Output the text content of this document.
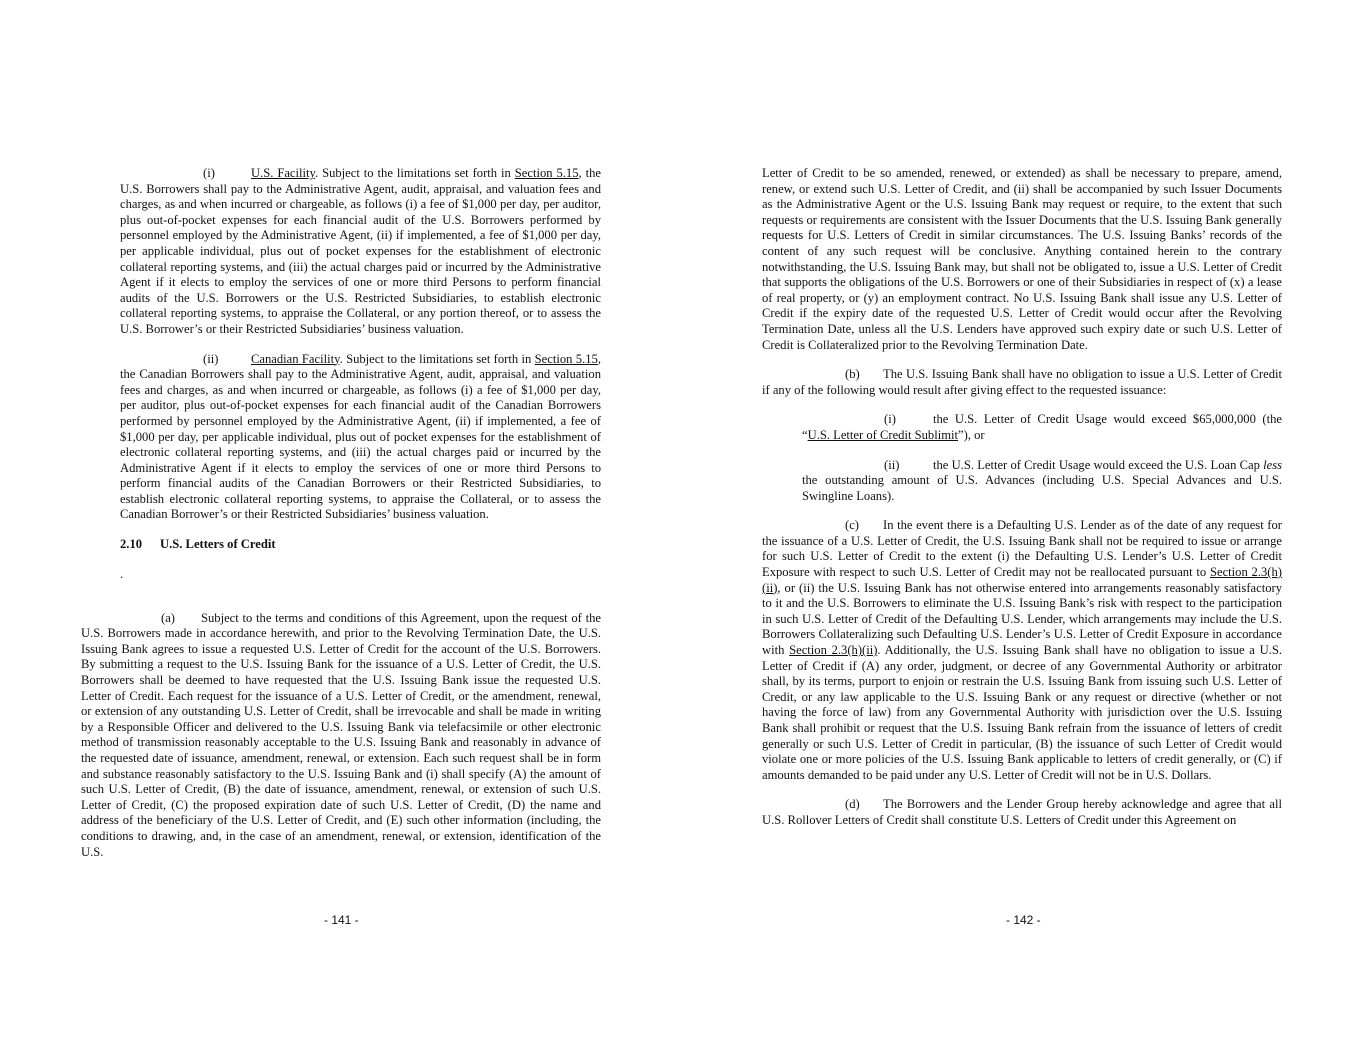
(i)	U.S. Facility. Subject to the limitations set forth in Section 5.15, the U.S. Borrowers shall pay to the Administrative Agent, audit, appraisal, and valuation fees and charges, as and when incurred or chargeable, as follows (i) a fee of $1,000 per day, per auditor, plus out-of-pocket expenses for each financial audit of the U.S. Borrowers performed by personnel employed by the Administrative Agent, (ii) if implemented, a fee of $1,000 per day, per applicable individual, plus out of pocket expenses for the establishment of electronic collateral reporting systems, and (iii) the actual charges paid or incurred by the Administrative Agent if it elects to employ the services of one or more third Persons to perform financial audits of the U.S. Borrowers or the U.S. Restricted Subsidiaries, to establish electronic collateral reporting systems, to appraise the Collateral, or any portion thereof, or to assess the U.S. Borrower’s or their Restricted Subsidiaries’ business valuation.

(ii)	Canadian Facility. Subject to the limitations set forth in Section 5.15, the Canadian Borrowers shall pay to the Administrative Agent, audit, appraisal, and valuation fees and charges, as and when incurred or chargeable, as follows (i) a fee of $1,000 per day, per auditor, plus out-of-pocket expenses for each financial audit of the Canadian Borrowers performed by personnel employed by the Administrative Agent, (ii) if implemented, a fee of $1,000 per day, per applicable individual, plus out of pocket expenses for the establishment of electronic collateral reporting systems, and (iii) the actual charges paid or incurred by the Administrative Agent if it elects to employ the services of one or more third Persons to perform financial audits of the Canadian Borrowers or their Restricted Subsidiaries, to establish electronic collateral reporting systems, to appraise the Collateral, or to assess the Canadian Borrower’s or their Restricted Subsidiaries’ business valuation.

2.10 U.S. Letters of Credit
.

(a) Subject to the terms and conditions of this Agreement, upon the request of the U.S. Borrowers made in accordance herewith, and prior to the Revolving Termination Date, the U.S. Issuing Bank agrees to issue a requested U.S. Letter of Credit for the account of the U.S. Borrowers. By submitting a request to the U.S. Issuing Bank for the issuance of a U.S. Letter of Credit, the U.S. Borrowers shall be deemed to have requested that the U.S. Issuing Bank issue the requested U.S. Letter of Credit. Each request for the issuance of a U.S. Letter of Credit, or the amendment, renewal, or extension of any outstanding U.S. Letter of Credit, shall be irrevocable and shall be made in writing by a Responsible Officer and delivered to the U.S. Issuing Bank via telefacsimile or other electronic method of transmission reasonably acceptable to the U.S. Issuing Bank and reasonably in advance of the requested date of issuance, amendment, renewal, or extension. Each such request shall be in form and substance reasonably satisfactory to the U.S. Issuing Bank and (i) shall specify (A) the amount of such U.S. Letter of Credit, (B) the date of issuance, amendment, renewal, or extension of such U.S. Letter of Credit, (C) the proposed expiration date of such U.S. Letter of Credit, (D) the name and address of the beneficiary of the U.S. Letter of Credit, and (E) such other information (including, the conditions to drawing, and, in the case of an amendment, renewal, or extension, identification of the U.S.

- 141 -

Letter of Credit to be so amended, renewed, or extended) as shall be necessary to prepare, amend, renew, or extend such U.S. Letter of Credit, and (ii) shall be accompanied by such Issuer Documents as the Administrative Agent or the U.S. Issuing Bank may request or require, to the extent that such requests or requirements are consistent with the Issuer Documents that the U.S. Issuing Bank generally requests for U.S. Letters of Credit in similar circumstances. The U.S. Issuing Banks’ records of the content of any such request will be conclusive. Anything contained herein to the contrary notwithstanding, the U.S. Issuing Bank may, but shall not be obligated to, issue a U.S. Letter of Credit that supports the obligations of the U.S. Borrowers or one of their Subsidiaries in respect of (x) a lease of real property, or (y) an employment contract. No U.S. Issuing Bank shall issue any U.S. Letter of Credit if the expiry date of the requested U.S. Letter of Credit would occur after the Revolving Termination Date, unless all the U.S. Lenders have approved such expiry date or such U.S. Letter of Credit is Collateralized prior to the Revolving Termination Date.

(b) The U.S. Issuing Bank shall have no obligation to issue a U.S. Letter of Credit if any of the following would result after giving effect to the requested issuance:

(i)	the U.S. Letter of Credit Usage would exceed $65,000,000 (the “U.S. Letter of Credit Sublimit”), or

(ii)	the U.S. Letter of Credit Usage would exceed the U.S. Loan Cap less the outstanding amount of U.S. Advances (including U.S. Special Advances and U.S. Swingline Loans).

(c) In the event there is a Defaulting U.S. Lender as of the date of any request for the issuance of a U.S. Letter of Credit, the U.S. Issuing Bank shall not be required to issue or arrange for such U.S. Letter of Credit to the extent (i) the Defaulting U.S. Lender’s U.S. Letter of Credit Exposure with respect to such U.S. Letter of Credit may not be reallocated pursuant to Section 2.3(h)(ii), or (ii) the U.S. Issuing Bank has not otherwise entered into arrangements reasonably satisfactory to it and the U.S. Borrowers to eliminate the U.S. Issuing Bank’s risk with respect to the participation in such U.S. Letter of Credit of the Defaulting U.S. Lender, which arrangements may include the U.S. Borrowers Collateralizing such Defaulting U.S. Lender’s U.S. Letter of Credit Exposure in accordance with Section 2.3(h)(ii). Additionally, the U.S. Issuing Bank shall have no obligation to issue a U.S. Letter of Credit if (A) any order, judgment, or decree of any Governmental Authority or arbitrator shall, by its terms, purport to enjoin or restrain the U.S. Issuing Bank from issuing such U.S. Letter of Credit, or any law applicable to the U.S. Issuing Bank or any request or directive (whether or not having the force of law) from any Governmental Authority with jurisdiction over the U.S. Issuing Bank shall prohibit or request that the U.S. Issuing Bank refrain from the issuance of letters of credit generally or such U.S. Letter of Credit in particular, (B) the issuance of such Letter of Credit would violate one or more policies of the U.S. Issuing Bank applicable to letters of credit generally, or (C) if amounts demanded to be paid under any U.S. Letter of Credit will not be in U.S. Dollars.

(d) The Borrowers and the Lender Group hereby acknowledge and agree that all U.S. Rollover Letters of Credit shall constitute U.S. Letters of Credit under this Agreement on

- 142 -
